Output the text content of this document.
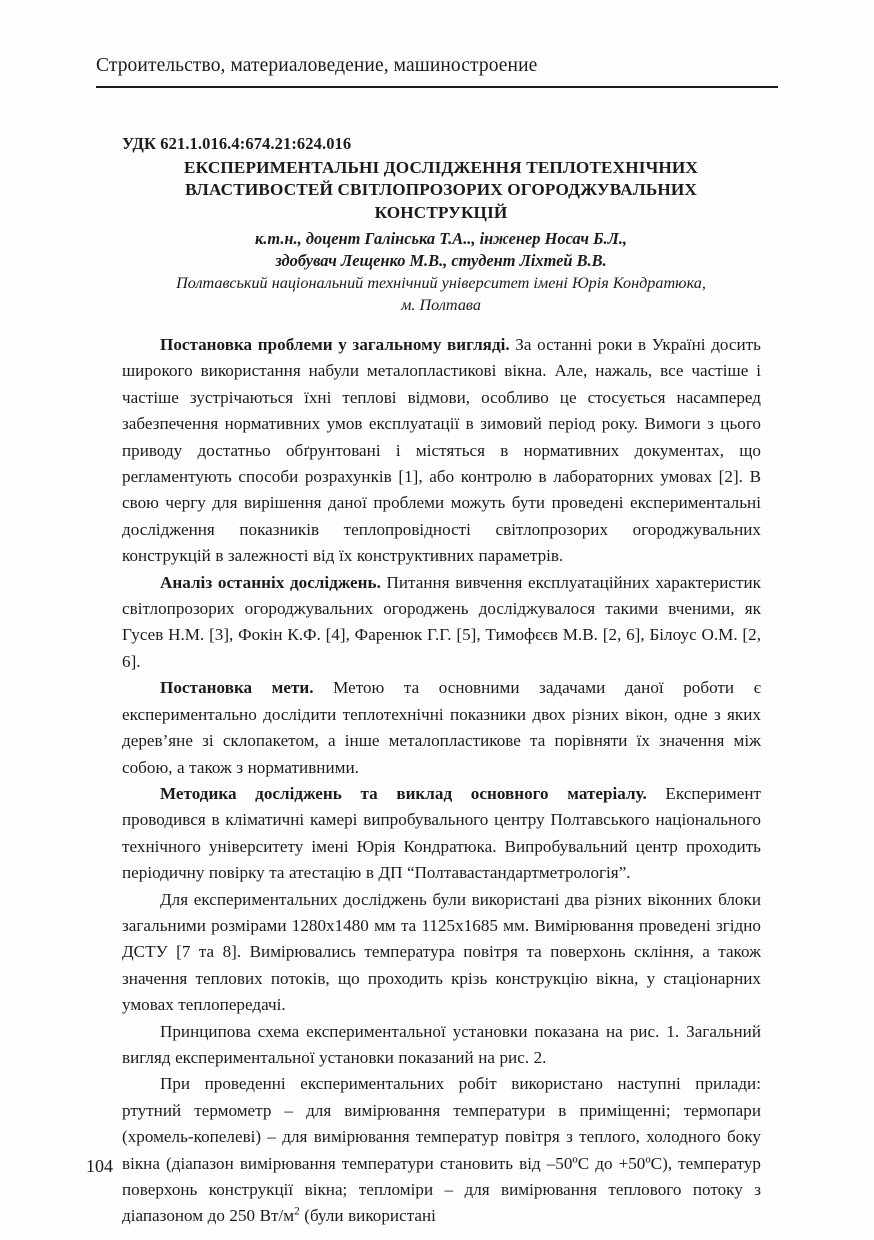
Строительство, материаловедение, машиностроение

УДК 621.1.016.4:674.21:624.016

ЕКСПЕРИМЕНТАЛЬНІ ДОСЛІДЖЕННЯ ТЕПЛОТЕХНІЧНИХ
ВЛАСТИВОСТЕЙ СВІТЛОПРОЗОРИХ ОГОРОДЖУВАЛЬНИХ
КОНСТРУКЦІЙ
к.т.н., доцент Галінська Т.А.., інженер Носач Б.Л.,
здобувач Лещенко М.В., студент Ліхтей В.В.
Полтавський національний технічний університет імені Юрія Кондратюка,
м. Полтава

Постановка проблеми у загальному вигляді. За останні роки в Україні досить широкого використання набули металопластикові вікна. Але, нажаль, все частіше і частіше зустрічаються їхні теплові відмови, особливо це стосується насамперед забезпечення нормативних умов експлуатації в зимовий період року. Вимоги з цього приводу достатньо обґрунтовані і містяться в нормативних документах, що регламентують способи розрахунків [1], або контролю в лабораторних умовах [2]. В свою чергу для вирішення даної проблеми можуть бути проведені експериментальні дослідження показників теплопровідності світлопрозорих огороджувальних конструкцій в залежності від їх конструктивних параметрів.

Аналіз останніх досліджень. Питання вивчення експлуатаційних характеристик світлопрозорих огороджувальних огороджень досліджувалося такими вченими, як Гусев Н.М. [3], Фокін К.Ф. [4], Фаренюк Г.Г. [5], Тимофєєв М.В. [2, 6], Білоус О.М. [2, 6].

Постановка мети. Метою та основними задачами даної роботи є експериментально дослідити теплотехнічні показники двох різних вікон, одне з яких дерев’яне зі склопакетом, а інше металопластикове та порівняти їх значення між собою, а також з нормативними.

Методика досліджень та виклад основного матеріалу. Експеримент проводився в кліматичні камері випробувального центру Полтавського національного технічного університету імені Юрія Кондратюка. Випробувальний центр проходить періодичну повірку та атестацію в ДП “Полтавастандартметрологія”.

Для експериментальних досліджень були використані два різних віконних блоки загальними розмірами 1280х1480 мм та 1125х1685 мм. Вимірювання проведені згідно ДСТУ [7 та 8]. Вимірювались температура повітря та поверхонь скління, а також значення теплових потоків, що проходить крізь конструкцію вікна, у стаціонарних умовах теплопередачі.

Принципова схема експериментальної установки показана на рис. 1. Загальний вигляд експериментальної установки показаний на рис. 2.

При проведенні експериментальних робіт використано наступні прилади: ртутний термометр – для вимірювання температури в приміщенні; термопари (хромель-копелеві) – для вимірювання температур повітря з теплого, холодного боку вікна (діапазон вимірювання температури становить від –50ºС до +50ºС), температур поверхонь конструкції вікна; тепломіри – для вимірювання теплового потоку з діапазоном до 250 $Вт/м^2$ (були використані

104
